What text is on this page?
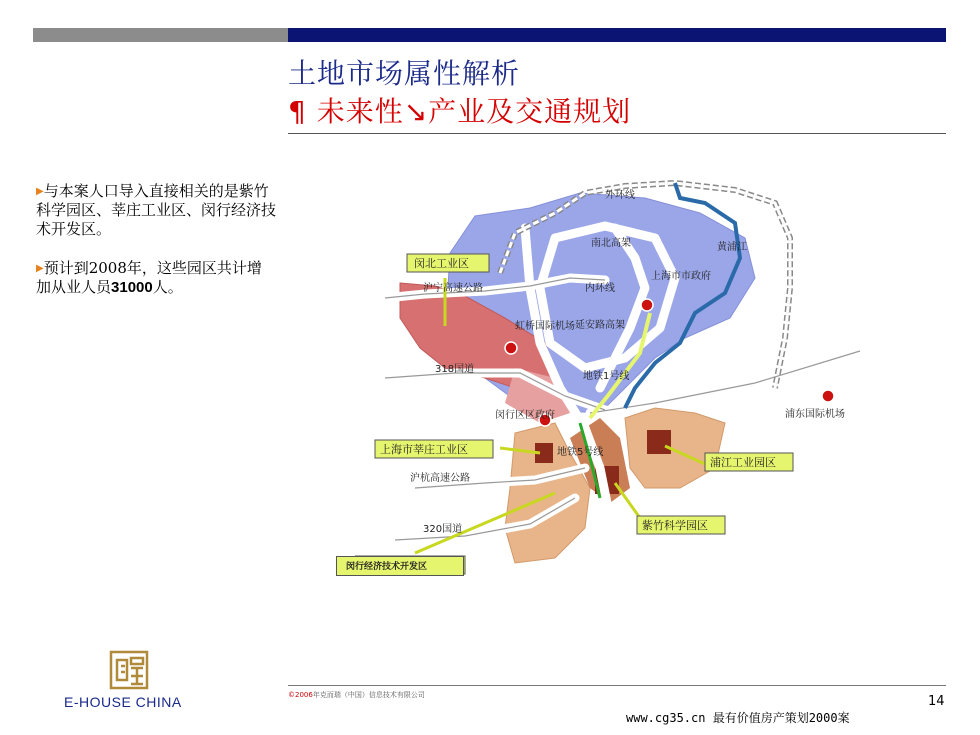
土地市场属性解析
¶ 未来性↘产业及交通规划
▶与本案人口导入直接相关的是紫竹科学园区、莘庄工业区、闵行经济技术开发区。
▶预计到2008年，这些园区共计增加从业人员31000人。
外环线
南北高架	黄浦江
沪宁高速公路	内环线
上海市市政府
虹桥国际机场 延安路高架
318国道
地铁1号线
浦东国际机场
闵行区区政府
地铁5号线
沪杭高速公路
320国道
闵北工业区
上海市莘庄工业区
浦江工业园区
紫竹科学园区
闵行经济技术开发区
E-HOUSE CHINA	©2006年克而瑞（中国）信息技术有限公司	14
www.cg35.cn 最有价值房产策划2000案
